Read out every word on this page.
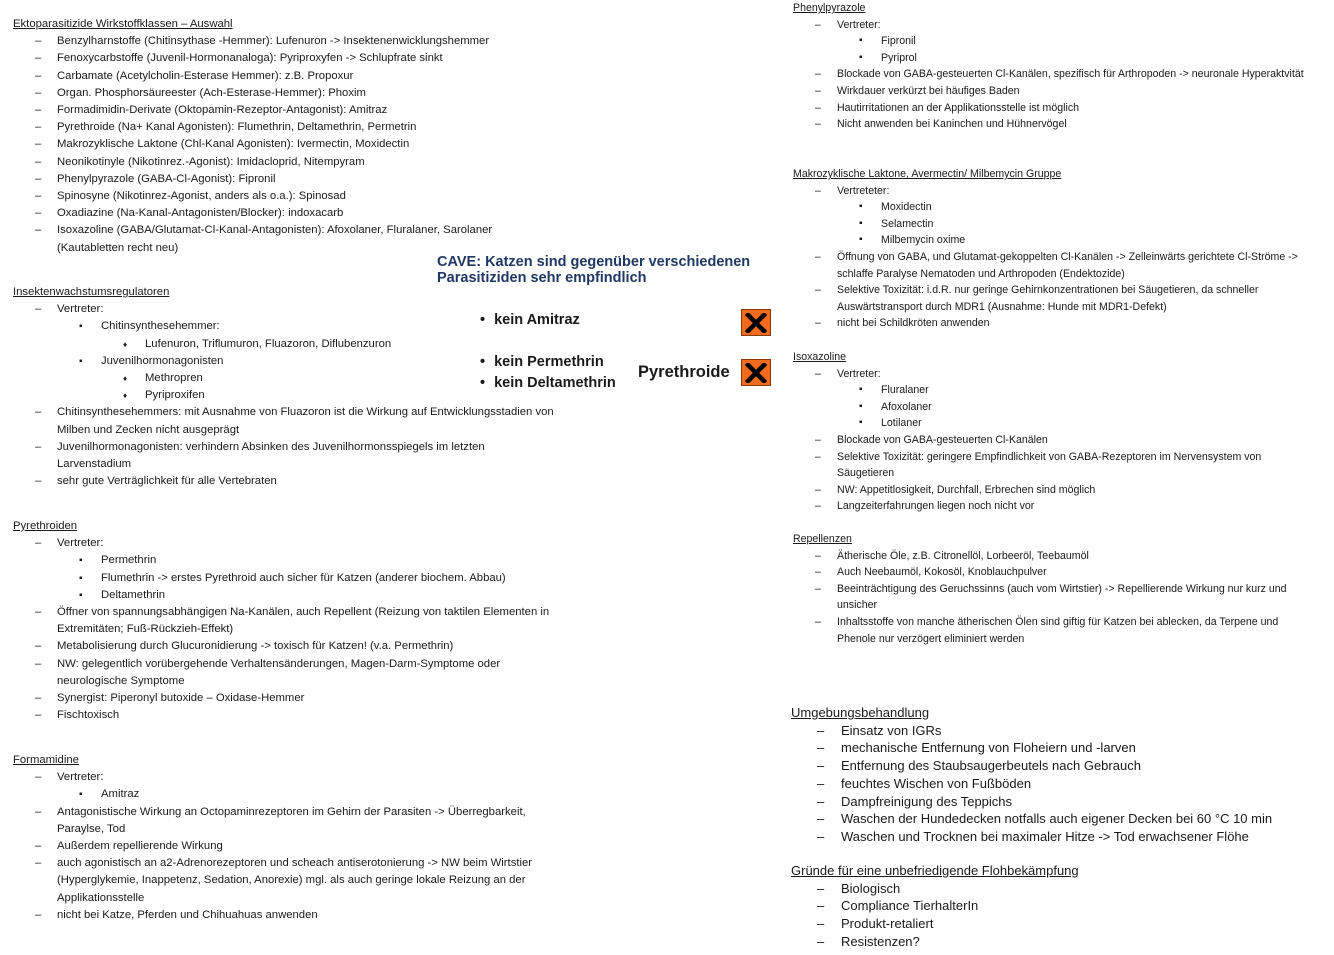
Ektoparasitizide Wirkstoffklassen – Auswahl
– Benzylharnstoffe (Chitinsythase -Hemmer): Lufenuron -> Insektenenwicklungshemmer
– Fenoxycarbstoffe (Juvenil-Hormonanaloga): Pyriproxyfen -> Schlupfrate sinkt
– Carbamate (Acetylcholin-Esterase Hemmer): z.B. Propoxur
– Organ. Phosphorsäureester (Ach-Esterase-Hemmer): Phoxim
– Formadimidin-Derivate (Oktopamin-Rezeptor-Antagonist): Amitraz
– Pyrethroide (Na+ Kanal Agonisten): Flumethrin, Deltamethrin, Permetrin
– Makrozyklische Laktone (Chl-Kanal Agonisten): Ivermectin, Moxidectin
– Neonikotinyle (Nikotinrez.-Agonist): Imidacloprid, Nitempyram
– Phenylpyrazole (GABA-Cl-Agonist): Fipronil
– Spinosyne (Nikotinrez-Agonist, anders als o.a.): Spinosad
– Oxadiazine (Na-Kanal-Antagonisten/Blocker): indoxacarb
– Isoxazoline (GABA/Glutamat-Cl-Kanal-Antagonisten): Afoxolaner, Fluralaner, Sarolaner (Kautabletten recht neu)
Insektenwachstumsregulatoren
– Vertreter:
▪ Chitinsynthesehemmer:
♦ Lufenuron, Triflumuron, Fluazoron, Diflubenzuron
▪ Juvenilhormonagonisten
♦ Methropren
♦ Pyriproxifen
– Chitinsynthesehemmers: mit Ausnahme von Fluazoron ist die Wirkung auf Entwicklungsstadien von Milben und Zecken nicht ausgeprägt
– Juvenilhormonagonisten: verhindern Absinken des Juvenilhormonsspiegels im letzten Larvenstadium
– sehr gute Verträglichkeit für alle Vertebraten
Pyrethroiden
– Vertreter:
▪ Permethrin
▪ Flumethrin -> erstes Pyrethroid auch sicher für Katzen (anderer biochem. Abbau)
▪ Deltamethrin
– Öffner von spannungsabhängigen Na-Kanälen, auch Repellent (Reizung von taktilen Elementen in Extremitäten; Fuß-Rückzieh-Effekt)
– Metabolisierung durch Glucuronidierung -> toxisch für Katzen! (v.a. Permethrin)
– NW: gelegentlich vorübergehende Verhaltensänderungen, Magen-Darm-Symptome oder neurologische Symptome
– Synergist: Piperonyl butoxide – Oxidase-Hemmer
– Fischtoxisch
Formamidine
– Vertreter:
▪ Amitraz
– Antagonistische Wirkung an Octopaminrezeptoren im Gehirn der Parasiten -> Überregbarkeit, Paraylse, Tod
– Außerdem repellierende Wirkung
– auch agonistisch an a2-Adrenorezeptoren und scheach antiserotonierung -> NW beim Wirtstier (Hyperglykemie, Inappetenz, Sedation, Anorexie) mgl. als auch geringe lokale Reizung an der Applikationsstelle
– nicht bei Katze, Pferden und Chihuahuas anwenden
CAVE: Katzen sind gegenüber verschiedenen
Parasitiziden sehr empfindlich
• kein Amitraz
• kein Permethrin
• kein Deltamethrin
Pyrethroide
Phenylpyrazole
– Vertreter:
▪ Fipronil
▪ Pyriprol
– Blockade von GABA-gesteuerten Cl-Kanälen, spezifisch für Arthropoden -> neuronale Hyperaktvität
– Wirkdauer verkürzt bei häufiges Baden
– Hautirritationen an der Applikationsstelle ist möglich
– Nicht anwenden bei Kaninchen und Hühnervögel
Makrozyklische Laktone, Avermectin/ Milbemycin Gruppe
– Vertreteter:
▪ Moxidectin
▪ Selamectin
▪ Milbemycin oxime
– Öffnung von GABA, und Glutamat-gekoppelten Cl-Kanälen -> Zelleinwärts gerichtete Cl-Ströme -> schlaffe Paralyse Nematoden und Arthropoden (Endektozide)
– Selektive Toxizität: i.d.R. nur geringe Gehirnkonzentrationen bei Säugetieren, da schneller Auswärtstransport durch MDR1 (Ausnahme: Hunde mit MDR1-Defekt)
– nicht bei Schildkröten anwenden
Isoxazoline
– Vertreter:
▪ Fluralaner
▪ Afoxolaner
▪ Lotilaner
– Blockade von GABA-gesteuerten Cl-Kanälen
– Selektive Toxizität: geringere Empfindlichkeit von GABA-Rezeptoren im Nervensystem von Säugetieren
– NW: Appetitlosigkeit, Durchfall, Erbrechen sind möglich
– Langzeiterfahrungen liegen noch nicht vor
Repellenzen
– Ätherische Öle, z.B. Citronellöl, Lorbeeröl, Teebaumöl
– Auch Neebaumöl, Kokosöl, Knoblauchpulver
– Beeinträchtigung des Geruchssinns (auch vom Wirtstier) -> Repellierende Wirkung nur kurz und unsicher
– Inhaltsstoffe von manche ätherischen Ölen sind giftig für Katzen bei ablecken, da Terpene und Phenole nur verzögert eliminiert werden
Umgebungsbehandlung
– Einsatz von IGRs
– mechanische Entfernung von Floheiern und -larven
– Entfernung des Staubsaugerbeutels nach Gebrauch
– feuchtes Wischen von Fußböden
– Dampfreinigung des Teppichs
– Waschen der Hundedecken notfalls auch eigener Decken bei 60 °C 10 min
– Waschen und Trocknen bei maximaler Hitze -> Tod erwachsener Flöhe
Gründe für eine unbefriedigende Flohbekämpfung
– Biologisch
– Compliance TierhalterIn
– Produkt-retaliert
– Resistenzen?
